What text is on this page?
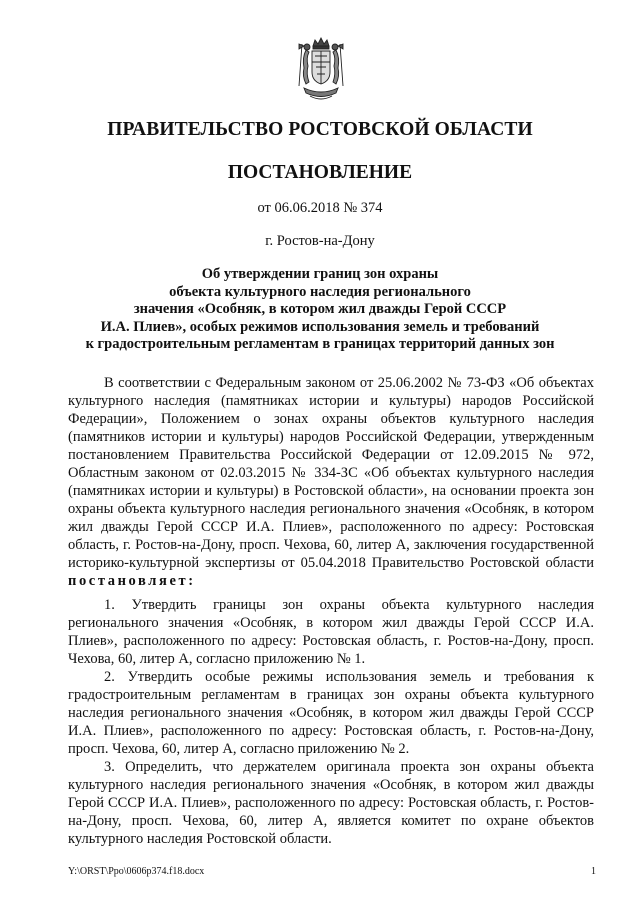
ПРАВИТЕЛЬСТВО РОСТОВСКОЙ ОБЛАСТИ
ПОСТАНОВЛЕНИЕ
от 06.06.2018 № 374
г. Ростов-на-Дону
Об утверждении границ зон охраны
объекта культурного наследия регионального
значения «Особняк, в котором жил дважды Герой СССР
И.А. Плиев», особых режимов использования земель и требований
к градостроительным регламентам в границах территорий данных зон

В соответствии с Федеральным законом от 25.06.2002 № 73-ФЗ «Об объектах культурного наследия (памятниках истории и культуры) народов Российской Федерации», Положением о зонах охраны объектов культурного наследия (памятников истории и культуры) народов Российской Федерации, утвержденным постановлением Правительства Российской Федерации от 12.09.2015 № 972, Областным законом от 02.03.2015 № 334-ЗС «Об объектах культурного наследия (памятниках истории и культуры) в Ростовской области», на основании проекта зон охраны объекта культурного наследия регионального значения «Особняк, в котором жил дважды Герой СССР И.А. Плиев», расположенного по адресу: Ростовская область, г. Ростов-на-Дону, просп. Чехова, 60, литер А, заключения государственной историко-культурной экспертизы от 05.04.2018 Правительство Ростовской области постановляет:

1. Утвердить границы зон охраны объекта культурного наследия регионального значения «Особняк, в котором жил дважды Герой СССР И.А. Плиев», расположенного по адресу: Ростовская область, г. Ростов-на-Дону, просп. Чехова, 60, литер А, согласно приложению № 1.

2. Утвердить особые режимы использования земель и требования к градостроительным регламентам в границах зон охраны объекта культурного наследия регионального значения «Особняк, в котором жил дважды Герой СССР И.А. Плиев», расположенного по адресу: Ростовская область, г. Ростов-на-Дону, просп. Чехова, 60, литер А, согласно приложению № 2.

3. Определить, что держателем оригинала проекта зон охраны объекта культурного наследия регионального значения «Особняк, в котором жил дважды Герой СССР И.А. Плиев», расположенного по адресу: Ростовская область, г. Ростов-на-Дону, просп. Чехова, 60, литер А, является комитет по охране объектов культурного наследия Ростовской области.

Y:\ORST\Ppo\0606p374.f18.docx	1
